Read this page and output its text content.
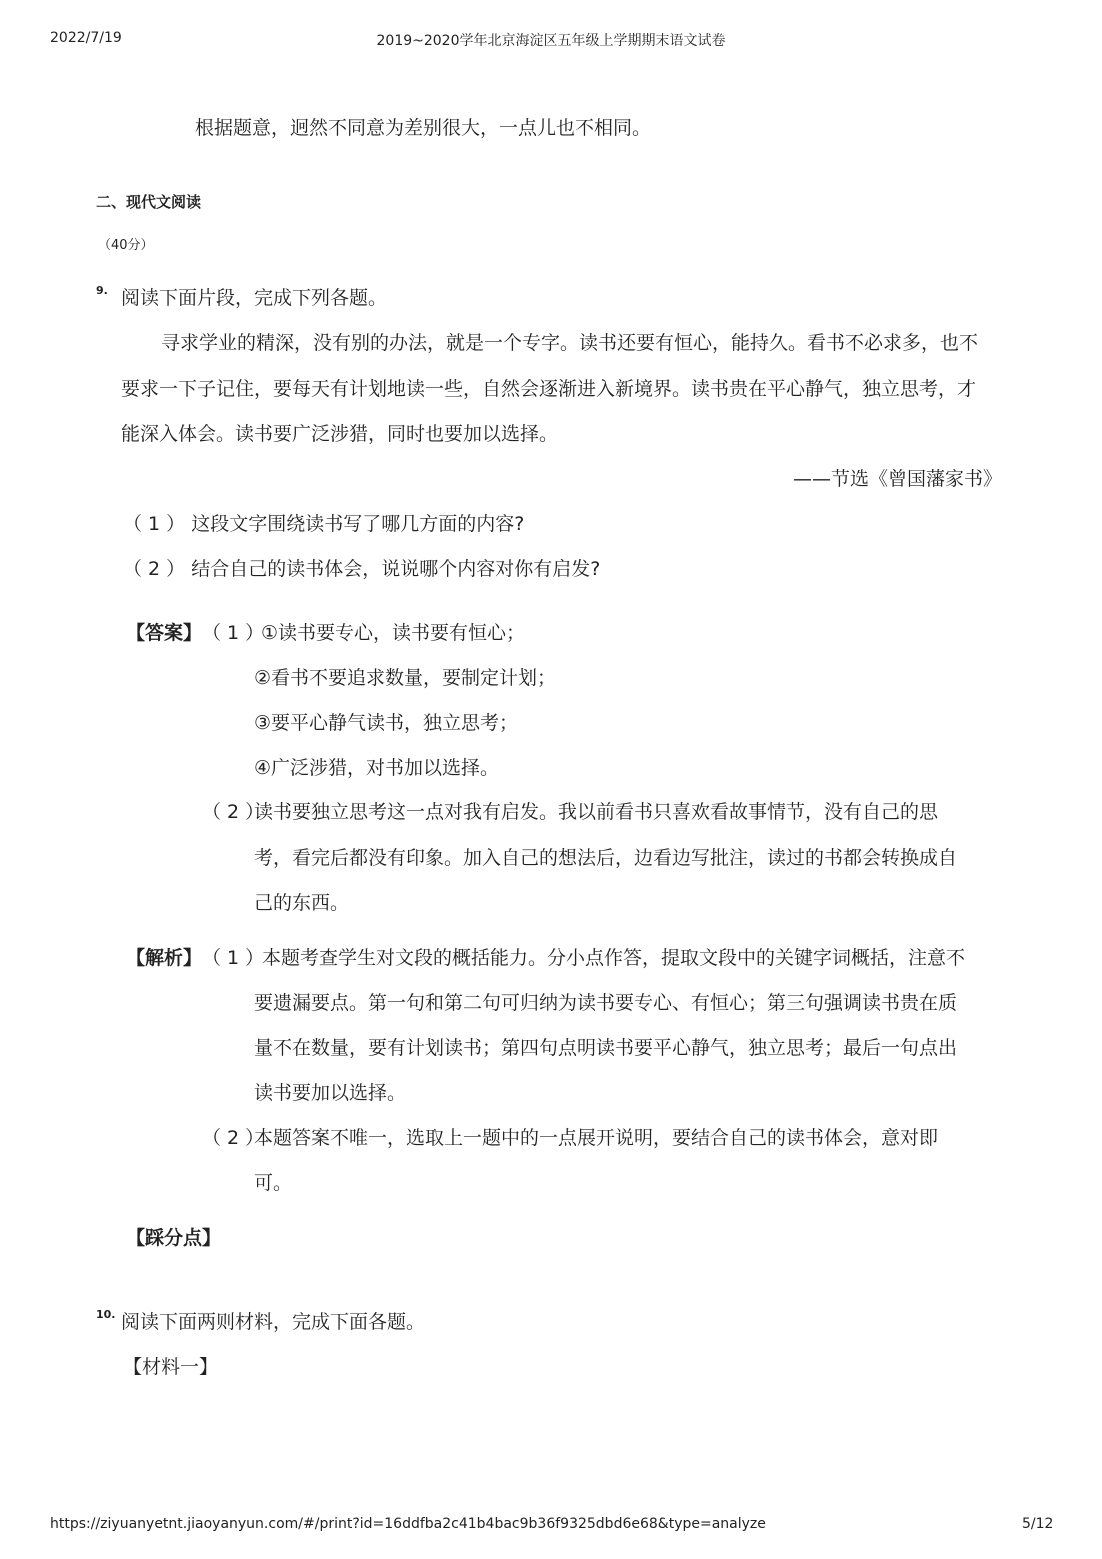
2022/7/19	2019~2020学年北京海淀区五年级上学期期末语文试卷
根据题意，迥然不同意为差别很大，一点儿也不相同。
二、现代文阅读
（40分）
9. 阅读下面片段，完成下列各题。
寻求学业的精深，没有别的办法，就是一个专字。读书还要有恒心，能持久。看书不必求多，也不
要求一下子记住，要每天有计划地读一些，自然会逐渐进入新境界。读书贵在平心静气，独立思考，才
能深入体会。读书要广泛涉猎，同时也要加以选择。
——节选《曾国藩家书》
（ 1 ） 这段文字围绕读书写了哪几方面的内容?
（ 2 ） 结合自己的读书体会，说说哪个内容对你有启发?
【答案】 （ 1 ）
①读书要专心，读书要有恒心；
②看书不要追求数量，要制定计划；
③要平心静气读书，独立思考；
④广泛涉猎，对书加以选择。
（ 2 ）
读书要独立思考这一点对我有启发。我以前看书只喜欢看故事情节，没有自己的思
考，看完后都没有印象。加入自己的想法后，边看边写批注，读过的书都会转换成自
己的东西。
【解析】 （ 1 ）
本题考查学生对文段的概括能力。分小点作答，提取文段中的关键字词概括，注意不
要遗漏要点。第一句和第二句可归纳为读书要专心、有恒心；第三句强调读书贵在质
量不在数量，要有计划读书；第四句点明读书要平心静气，独立思考；最后一句点出
读书要加以选择。
（ 2 ）
本题答案不唯一，选取上一题中的一点展开说明，要结合自己的读书体会，意对即
可。
【踩分点】
10. 阅读下面两则材料，完成下面各题。
【材料一】
https://ziyuanyetnt.jiaoyanyun.com/#/print?id=16ddfba2c41b4bac9b36f9325dbd6e68&type=analyze	5/12
